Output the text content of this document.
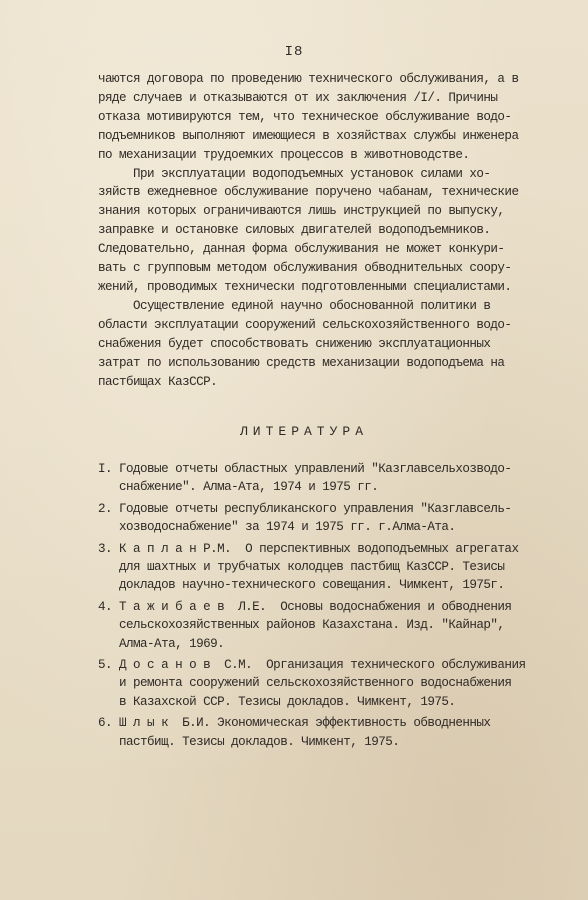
I8
чаются договора по проведению технического обслуживания, а в
ряде случаев и отказываются от их заключения /I/. Причины
отказа мотивируются тем, что техническое обслуживание водо-
подъемников выполняют имеющиеся в хозяйствах службы инженера
по механизации трудоемких процессов в животноводстве.
При эксплуатации водоподъемных установок силами хо-
зяйств ежедневное обслуживание поручено чабанам, технические
знания которых ограничиваются лишь инструкцией по выпуску,
заправке и остановке силовых двигателей водоподъемников.
Следовательно, данная форма обслуживания не может конкури-
вать с групповым методом обслуживания обводнительных соору-
жений, проводимых технически подготовленными специалистами.
Осуществление единой научно обоснованной политики в
области эксплуатации сооружений сельскохозяйственного водо-
снабжения будет способствовать снижению эксплуатационных
затрат по использованию средств механизации водоподъема на
пастбищах КазССР.
ЛИТЕРАТУРА
I. Годовые отчеты областных управлений "Казглавсельхозводо-
снабжение". Алма-Ата, 1974 и 1975 гг.
2. Годовые отчеты республиканского управления "Казглавсель-
хозводоснабжение" за 1974 и 1975 гг. г.Алма-Ата.
3. К а п л а н Р.М.  О перспективных водоподъемных агрегатах
для шахтных и трубчатых колодцев пастбищ КазССР. Тезисы
докладов научно-технического совещания. Чимкент, 1975г.
4. Т а ж и б а е в  Л.Е.  Основы водоснабжения и обводнения
сельскохозяйственных районов Казахстана. Изд. "Кайнар",
Алма-Ата, 1969.
5. Д о с а н о в  С.М.  Организация технического обслуживания
и ремонта сооружений сельскохозяйственного водоснабжения
в Казахской ССР. Тезисы докладов. Чимкент, 1975.
6. Ш л ы к  Б.И. Экономическая эффективность обводненных
пастбищ. Тезисы докладов. Чимкент, 1975.
